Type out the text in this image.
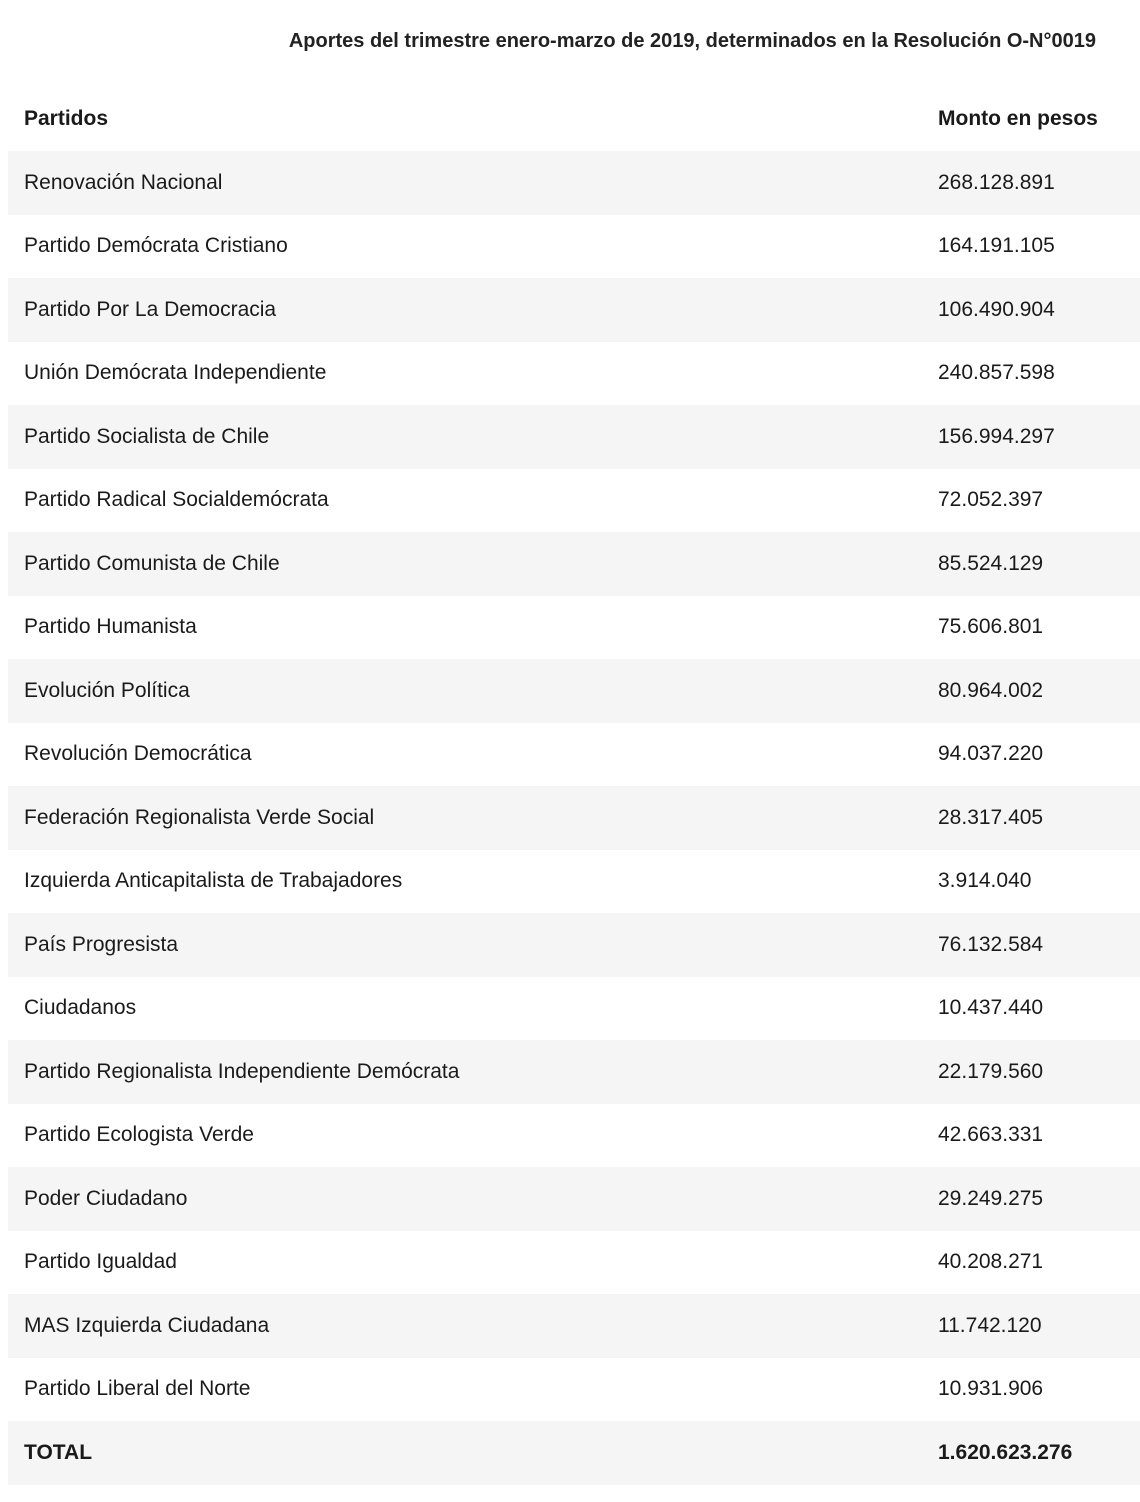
Aportes del trimestre enero-marzo de 2019, determinados en la Resolución O-N°0019
Partidos	Monto en pesos
Renovación Nacional	268.128.891
Partido Demócrata Cristiano	164.191.105
Partido Por La Democracia	106.490.904
Unión Demócrata Independiente	240.857.598
Partido Socialista de Chile	156.994.297
Partido Radical Socialdemócrata	72.052.397
Partido Comunista de Chile	85.524.129
Partido Humanista	75.606.801
Evolución Política	80.964.002
Revolución Democrática	94.037.220
Federación Regionalista Verde Social	28.317.405
Izquierda Anticapitalista de Trabajadores	3.914.040
País Progresista	76.132.584
Ciudadanos	10.437.440
Partido Regionalista Independiente Demócrata	22.179.560
Partido Ecologista Verde	42.663.331
Poder Ciudadano	29.249.275
Partido Igualdad	40.208.271
MAS Izquierda Ciudadana	11.742.120
Partido Liberal del Norte	10.931.906
TOTAL	1.620.623.276
